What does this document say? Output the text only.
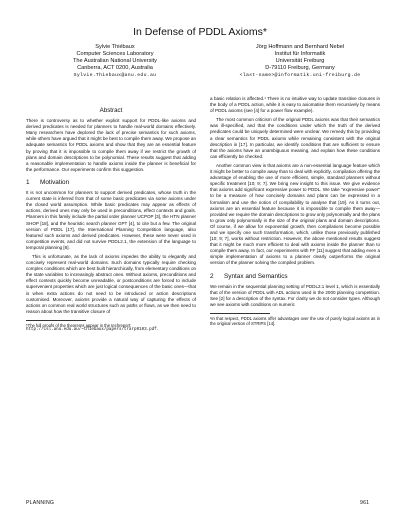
In Defense of PDDL Axioms*
Sylvie Thiébaux
Computer Sciences Laboratory
The Australian National University
Canberra, ACT 0200, Australia
Sylvie.Thiebaux@anu.edu.au
Jörg Hoffmann and Bernhard Nebel
Institut für Informatik
Universität Freiburg
D-79110 Freiburg, Germany
<last-name>@informatik.uni-freiburg.de
Abstract

There is controversy as to whether explicit support for PDDL-like axioms and derived predicates is needed for planners to handle real-world domains effectively. Many researchers have deplored the lack of precise semantics for such axioms, while others have argued that it might be best to compile them away. We propose an adequate semantics for PDDL axioms and show that they are an essential feature by proving that it is impossible to compile them away if we restrict the growth of plans and domain descriptions to be polynomial. These results suggest that adding a reasonable implementation to handle axioms inside the planner is beneficial for the performance. Our experiments confirm this suggestion.

1 Motivation

It is not uncommon for planners to support derived predicates, whose truth in the current state is inferred from that of some basic predicates via some axioms under the closed world assumption. While basic predicates may appear as effects of actions, derived ones may only be used in preconditions, effect contexts and goals. Planners in this family include the partial order planner UCPOP [3], the HTN planner SHOP [18], and the heuristic search planner GPT [4], to cite but a few. The original version of PDDL [17], the International Planning Competition language, also featured such axioms and derived predicates. However, these were never used in competition events, and did not survive PDDL2.1, the extension of the language to temporal planning [8].

This is unfortunate, as the lack of axioms impedes the ability to elegantly and concisely represent real-world domains. Such domains typically require checking complex conditions which are best built hierarchically, from elementary conditions on the state variables to increasingly abstract ones. Without axioms, preconditions and effect contexts quickly become unreadable, or postconditions are forced to include supervenient properties which are just logical consequences of the basic ones—that is when extra actions do not need to be introduced or action descriptions customised. Moreover, axioms provide a natural way of capturing the effects of actions on common real world structures such as paths or flows, as we then need to reason about how the transitive closure of

*The full proofs of the theorems appear in the techreport:
http://csl.anu.edu.au/~thiebaux/papers/trarp0103.pdf.

a basic relation is affected.¹ There is no intuitive way to update transitive closures in the body of a PDDL action, while it is easy to axiomatise them recursively by means of PDDL axioms (see [4] for a power flow example).

The most common criticism of the original PDDL axioms was that their semantics was ill-specified, and that the conditions under which the truth of the derived predicates could be uniquely determined were unclear. We remedy this by providing a clear semantics for PDDL axioms while remaining consistent with the original description in [17]. In particular, we identify conditions that are sufficient to ensure that the axioms have an unambiguous meaning, and explain how these conditions can efficiently be checked.

Another common view is that axioms are a non-essential language feature which it might be better to compile away than to deal with explicitly, compilation offering the advantage of enabling the use of more efficient, simple, standard planners without specific treatment [10; 9; 7]. We bring new insight to this issue. We give evidence that axioms add significant expressive power to PDDL. We take "expressive power" to be a measure of how concisely domains and plans can be expressed in a formalism and use the notion of compilability to analyse that [19]. As it turns out, axioms are an essential feature because it is impossible to compile them away—provided we require the domain descriptions to grow only polynomially and the plans to grow only polynomially in the size of the original plans and domain descriptions. Of course, if we allow for exponential growth, then compilations become possible and we specify one such transformation, which, unlike those previously published [10; 9; 7], works without restriction. However, the above mentioned results suggest that it might be much more efficient to deal with axioms inside the planner than to compile them away. In fact, our experiments with FF [11] suggest that adding even a simple implementation of axioms to a planner clearly outperforms the original version of the planner solving the compiled problem.

2 Syntax and Semantics

We remain in the sequential planning setting of PDDL2.1 level 1, which is essentially that of the version of PDDL with ADL actions used in the 2000 planning competition. See [2] for a description of the syntax. For clarity we do not consider types. Although we see axioms with conditions on numeric

¹In that respect, PDDL axioms offer advantages over the use of purely logical axioms as in the original version of STRIPS [14].
PLANNING	961
